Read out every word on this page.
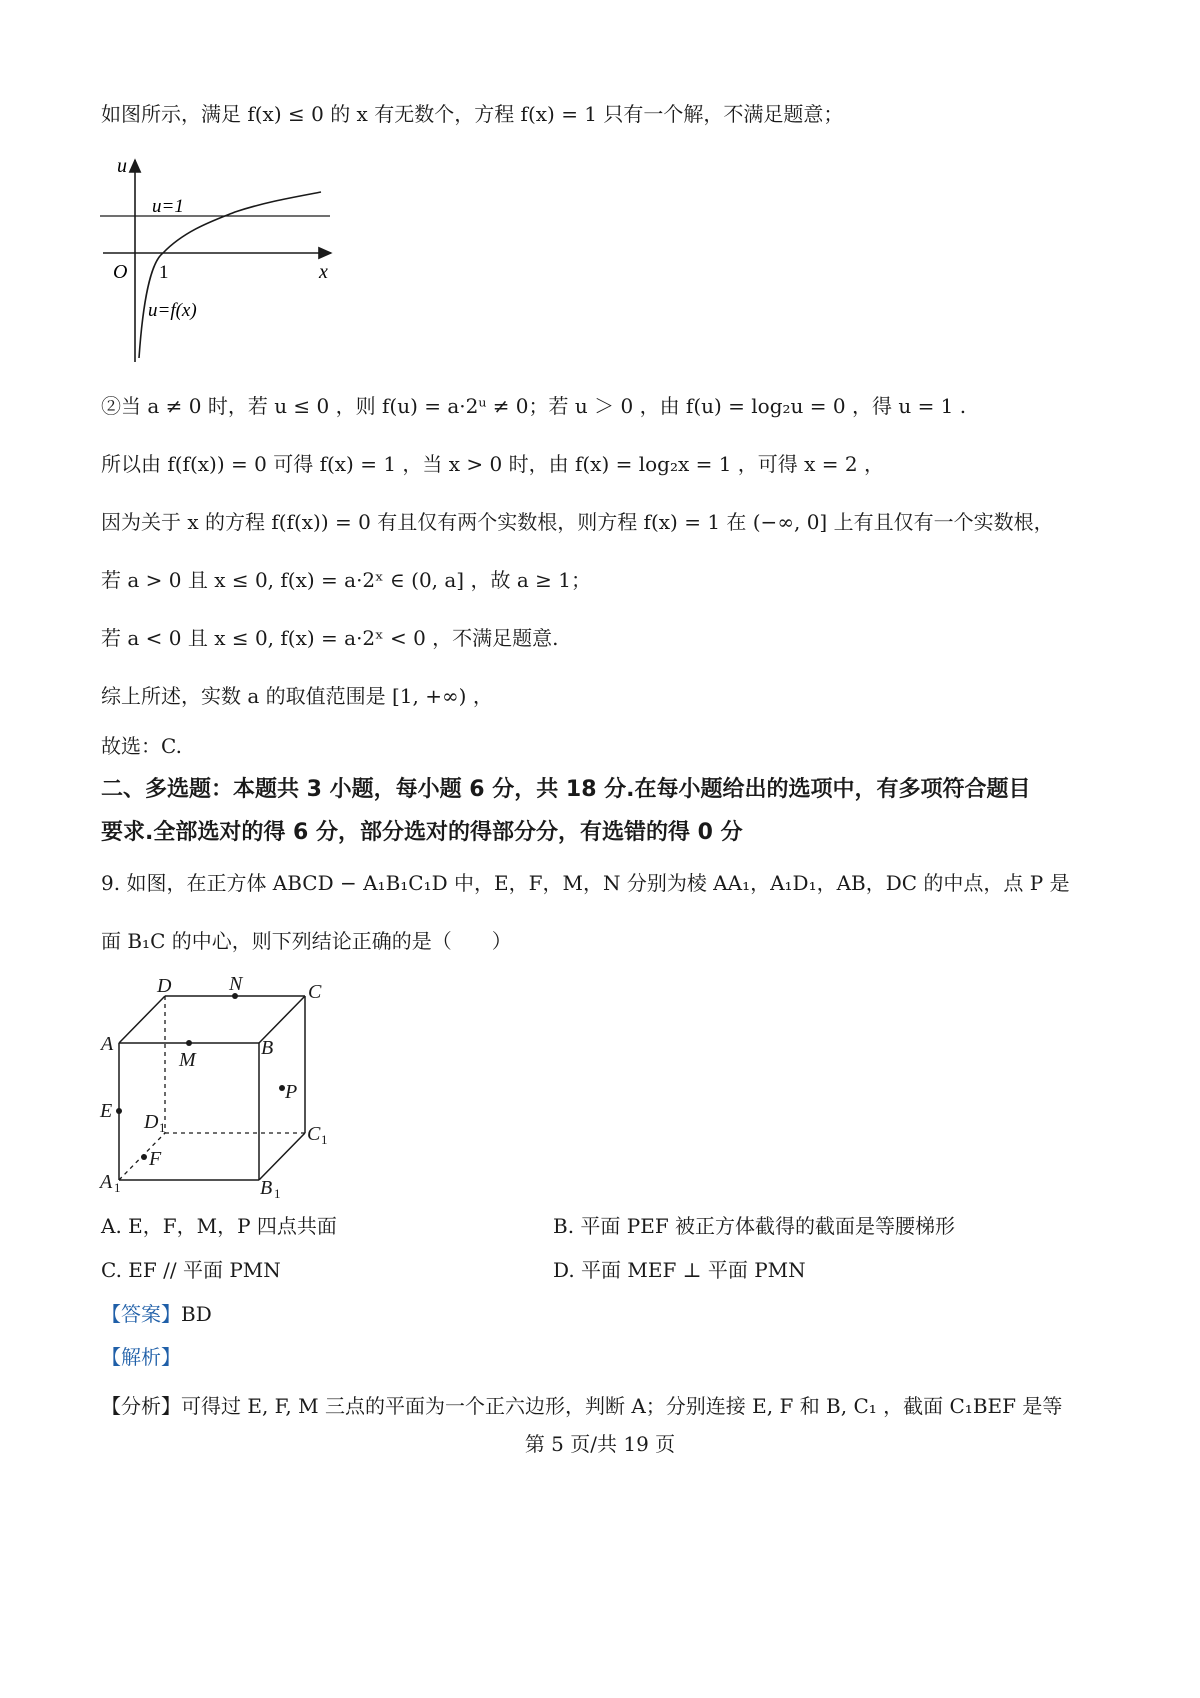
如图所示，满足 f(x) ≤ 0 的 x 有无数个，方程 f(x) = 1 只有一个解，不满足题意；
u
x
O 1
u=1
u=f(x)
②当 a ≠ 0 时，若 u ≤ 0 ，则 f(u) = a·2ᵘ ≠ 0；若 u ＞ 0 ，由 f(u) = log₂u = 0 ，得 u = 1 .
所以由 f(f(x)) = 0 可得 f(x) = 1 ，当 x > 0 时，由 f(x) = log₂x = 1 ，可得 x = 2 ，
因为关于 x 的方程 f(f(x)) = 0 有且仅有两个实数根，则方程 f(x) = 1 在 (−∞, 0] 上有且仅有一个实数根，
若 a > 0 且 x ≤ 0, f(x) = a·2ˣ ∈ (0, a] ，故 a ≥ 1；
若 a < 0 且 x ≤ 0, f(x) = a·2ˣ < 0 ，不满足题意.
综上所述，实数 a 的取值范围是 [1, +∞) ，
故选：C.
二、多选题：本题共 3 小题，每小题 6 分，共 18 分.在每小题给出的选项中，有多项符合题目
要求.全部选对的得 6 分，部分选对的得部分分，有选错的得 0 分
9. 如图，在正方体 ABCD − A₁B₁C₁D 中，E，F，M，N 分别为棱 AA₁，A₁D₁，AB，DC 的中点，点 P 是
面 B₁C 的中心，则下列结论正确的是（　　）
D	N	C
A
M
B
P
E D
C
F
A	B
1
1
1	1
A. E，F，M，P 四点共面	B. 平面 PEF 被正方体截得的截面是等腰梯形
C. EF // 平面 PMN	D. 平面 MEF ⊥ 平面 PMN
【答案】BD
【解析】
【分析】可得过 E, F, M 三点的平面为一个正六边形，判断 A；分别连接 E, F 和 B, C₁ ，截面 C₁BEF 是等
第 5 页/共 19 页
